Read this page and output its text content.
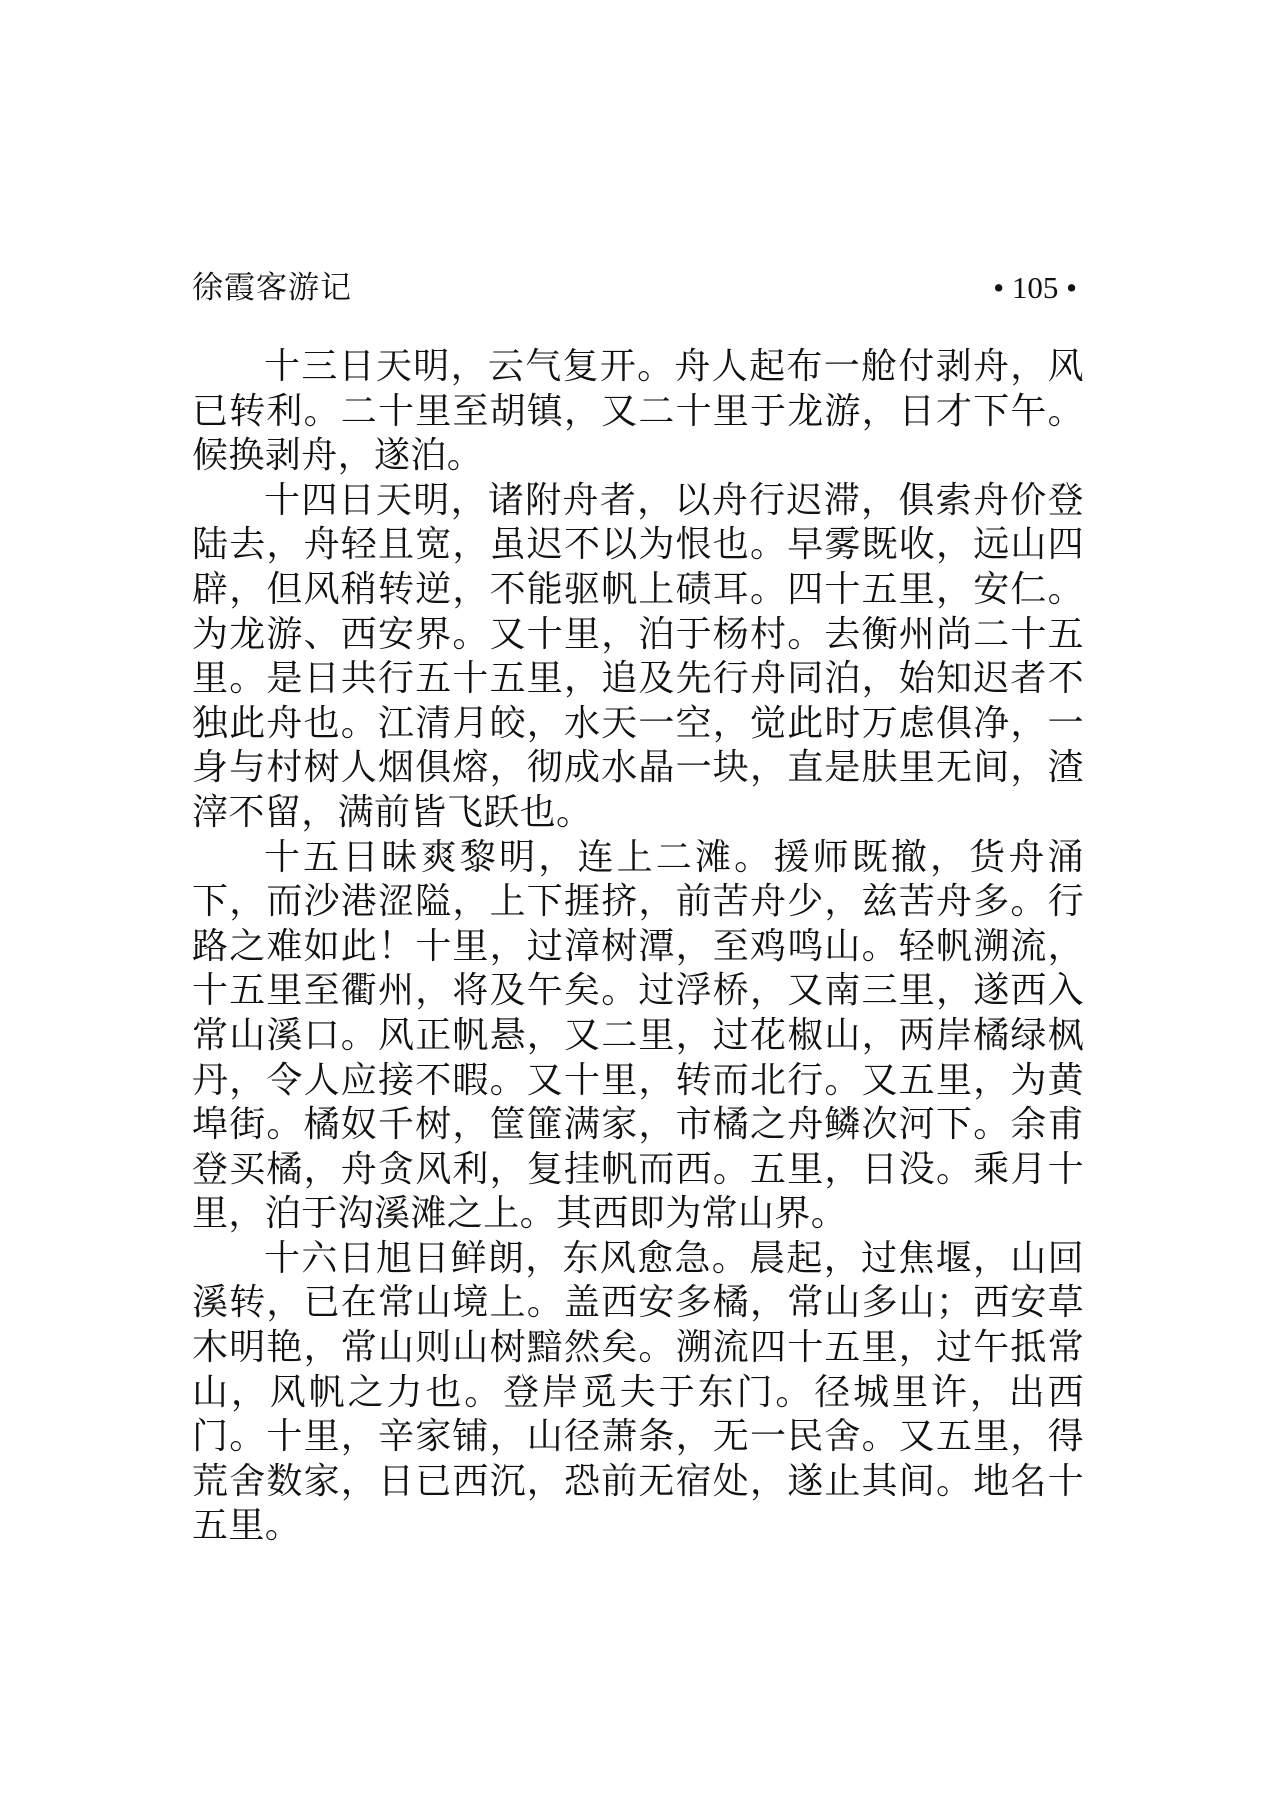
徐霞客游记	• 105 •

十三日天明，云气复开。舟人起布一舱付剥舟，风已转利。二十里至胡镇，又二十里于龙游，日才下午。候换剥舟，遂泊。

十四日天明，诸附舟者，以舟行迟滞，俱索舟价登陆去，舟轻且宽，虽迟不以为恨也。早雾既收，远山四辟，但风稍转逆，不能驱帆上碛耳。四十五里，安仁。为龙游、西安界。又十里，泊于杨村。去衡州尚二十五里。是日共行五十五里，追及先行舟同泊，始知迟者不独此舟也。江清月皎，水天一空，觉此时万虑俱净，一身与村树人烟俱熔，彻成水晶一块，直是肤里无间，渣滓不留，满前皆飞跃也。

十五日昧爽黎明，连上二滩。援师既撤，货舟涌下，而沙港涩隘，上下捱挤，前苦舟少，兹苦舟多。行路之难如此！十里，过漳树潭，至鸡鸣山。轻帆溯流，十五里至衢州，将及午矣。过浮桥，又南三里，遂西入常山溪口。风正帆悬，又二里，过花椒山，两岸橘绿枫丹，令人应接不暇。又十里，转而北行。又五里，为黄埠街。橘奴千树，筐篚满家，市橘之舟鳞次河下。余甫登买橘，舟贪风利，复挂帆而西。五里，日没。乘月十里，泊于沟溪滩之上。其西即为常山界。

十六日旭日鲜朗，东风愈急。晨起，过焦堰，山回溪转，已在常山境上。盖西安多橘，常山多山；西安草木明艳，常山则山树黯然矣。溯流四十五里，过午抵常山，风帆之力也。登岸觅夫于东门。径城里许，出西门。十里，辛家铺，山径萧条，无一民舍。又五里，得荒舍数家，日已西沉，恐前无宿处，遂止其间。地名十五里。
